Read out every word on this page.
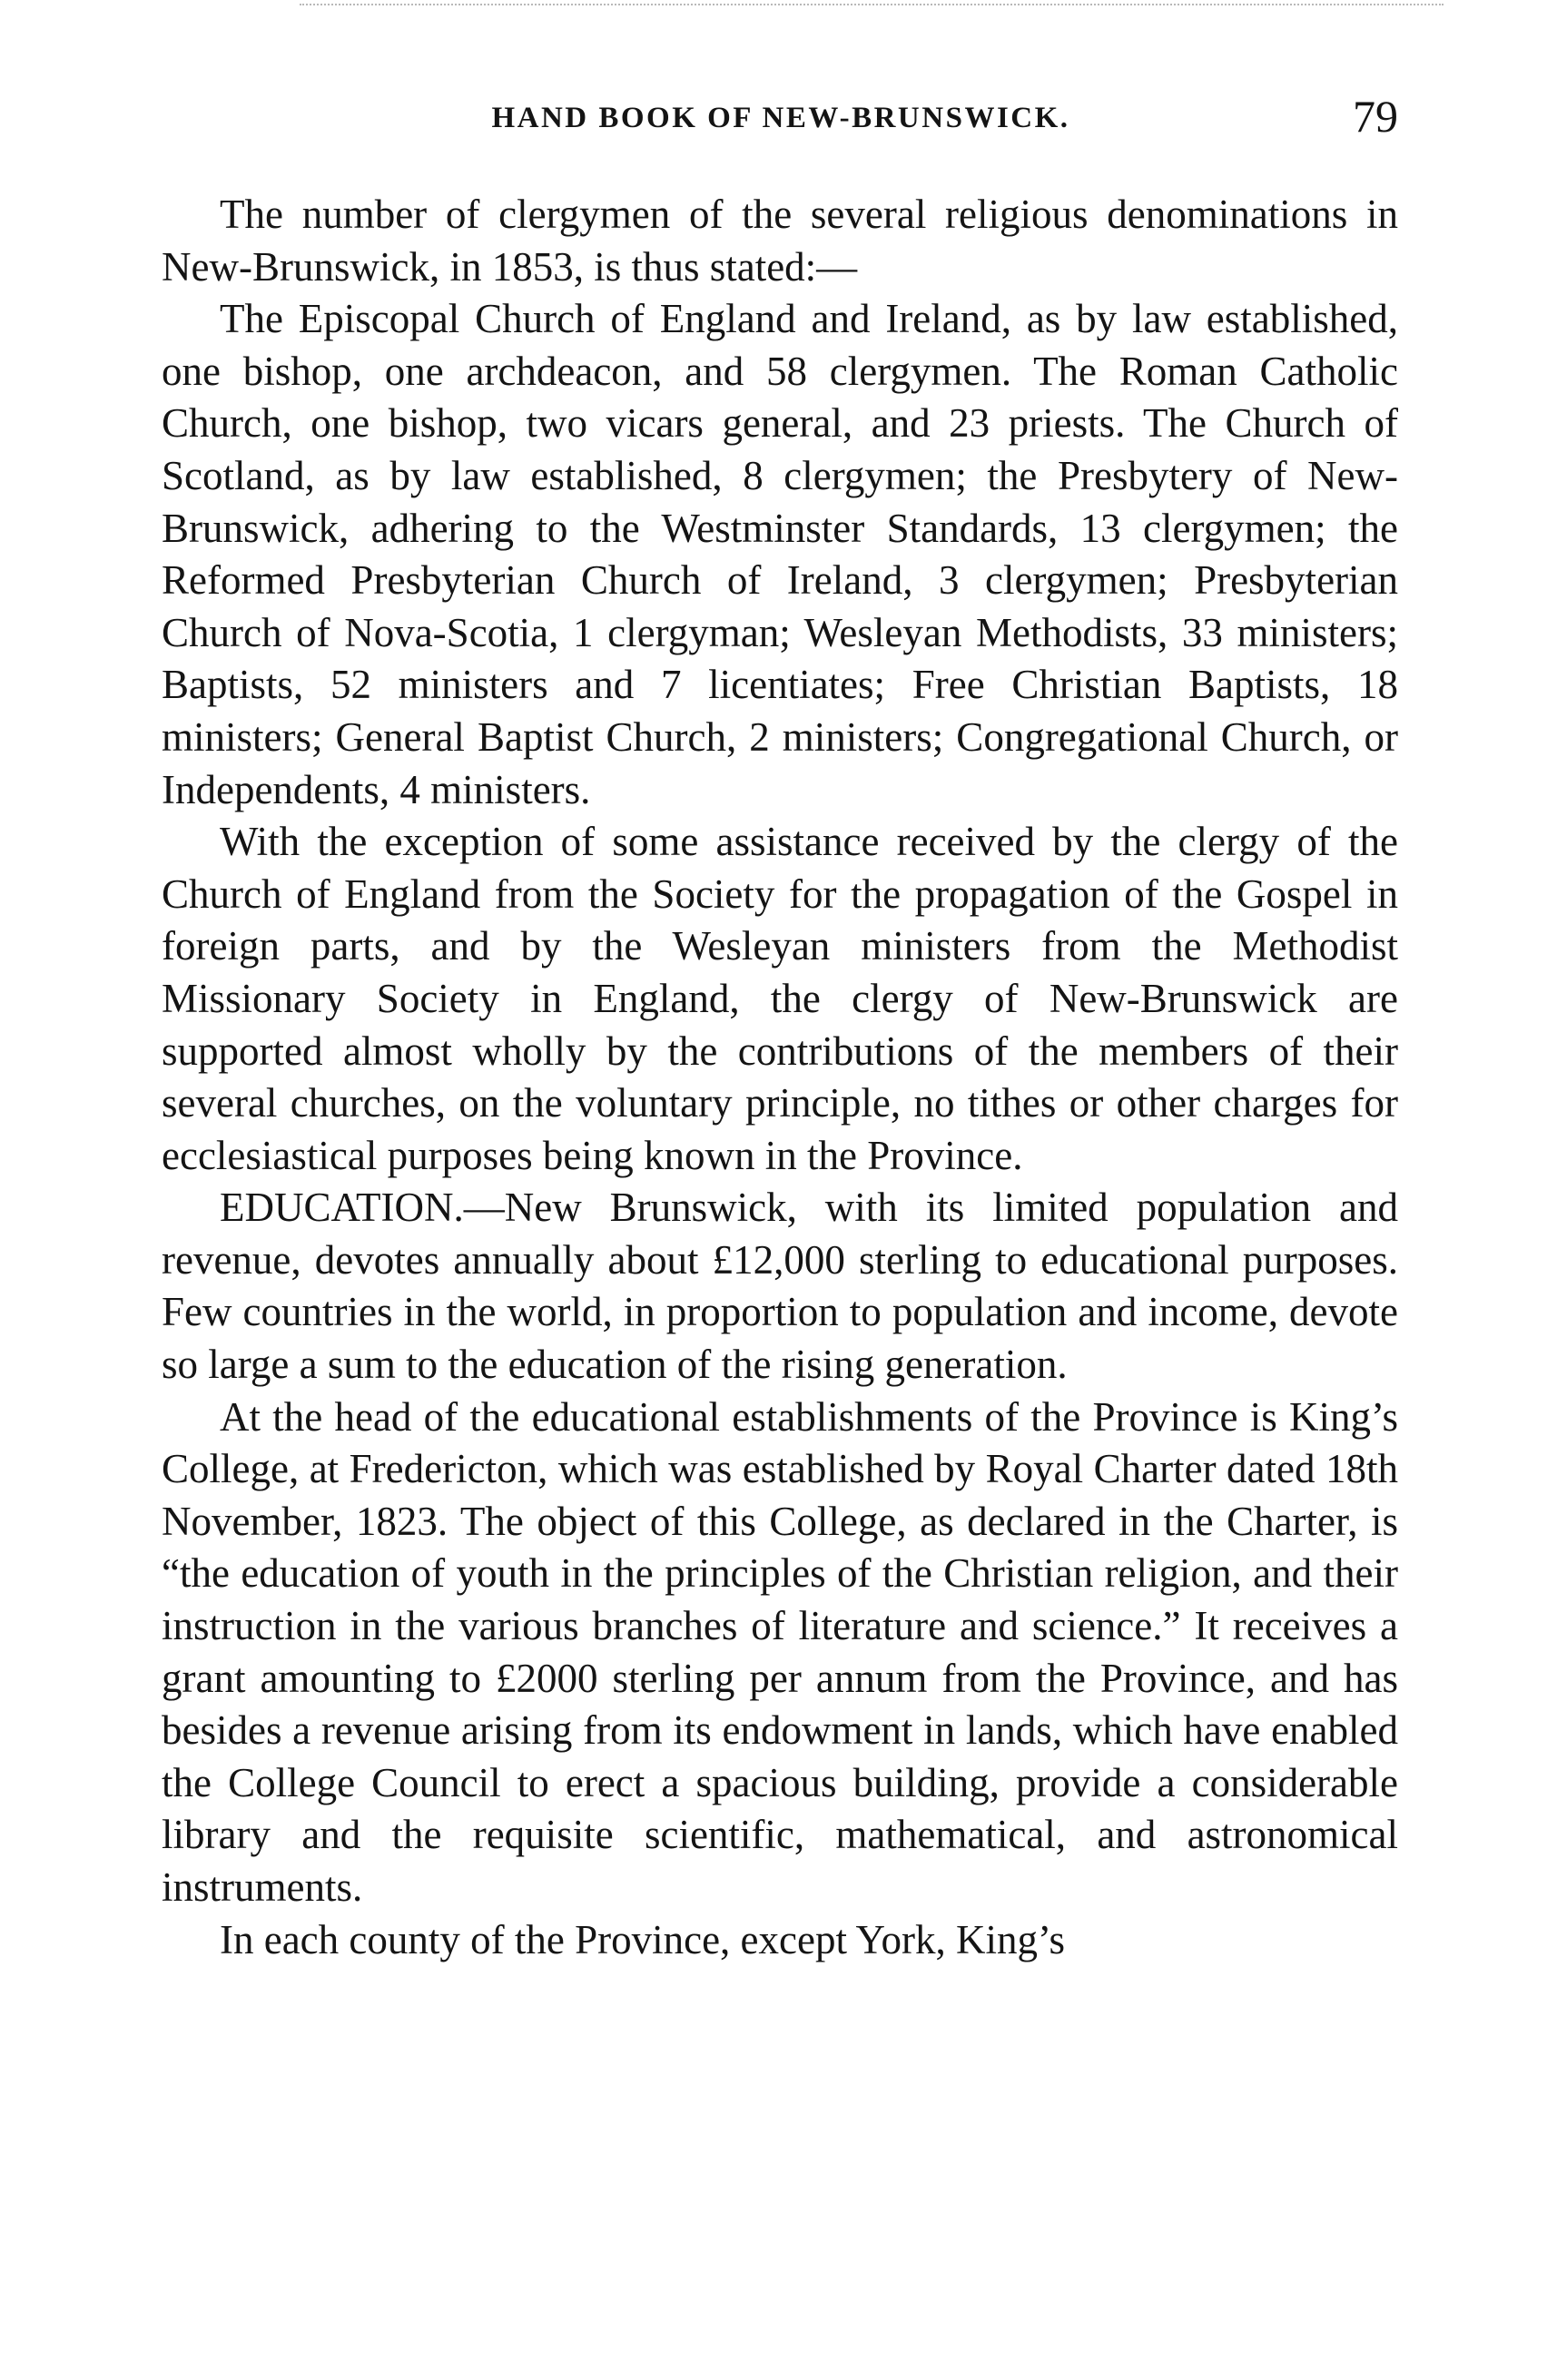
HAND BOOK OF NEW-BRUNSWICK.	79

The number of clergymen of the several religious denominations in New-Brunswick, in 1853, is thus stated:—

The Episcopal Church of England and Ireland, as by law established, one bishop, one archdeacon, and 58 clergymen. The Roman Catholic Church, one bishop, two vicars general, and 23 priests. The Church of Scotland, as by law established, 8 clergymen; the Presbytery of New-Brunswick, adhering to the Westminster Standards, 13 clergymen; the Reformed Presbyterian Church of Ireland, 3 clergymen; Presbyterian Church of Nova-Scotia, 1 clergyman; Wesleyan Methodists, 33 ministers; Baptists, 52 ministers and 7 licentiates; Free Christian Baptists, 18 ministers; General Baptist Church, 2 ministers; Congregational Church, or Independents, 4 ministers.

With the exception of some assistance received by the clergy of the Church of England from the Society for the propagation of the Gospel in foreign parts, and by the Wesleyan ministers from the Methodist Missionary Society in England, the clergy of New-Brunswick are supported almost wholly by the contributions of the members of their several churches, on the voluntary principle, no tithes or other charges for ecclesiastical purposes being known in the Province.

EDUCATION.—New Brunswick, with its limited population and revenue, devotes annually about £12,000 sterling to educational purposes. Few countries in the world, in proportion to population and income, devote so large a sum to the education of the rising generation.

At the head of the educational establishments of the Province is King’s College, at Fredericton, which was established by Royal Charter dated 18th November, 1823. The object of this College, as declared in the Charter, is “the education of youth in the principles of the Christian religion, and their instruction in the various branches of literature and science.” It receives a grant amounting to £2000 sterling per annum from the Province, and has besides a revenue arising from its endowment in lands, which have enabled the College Council to erect a spacious building, provide a considerable library and the requisite scientific, mathematical, and astronomical instruments.

In each county of the Province, except York, King’s
